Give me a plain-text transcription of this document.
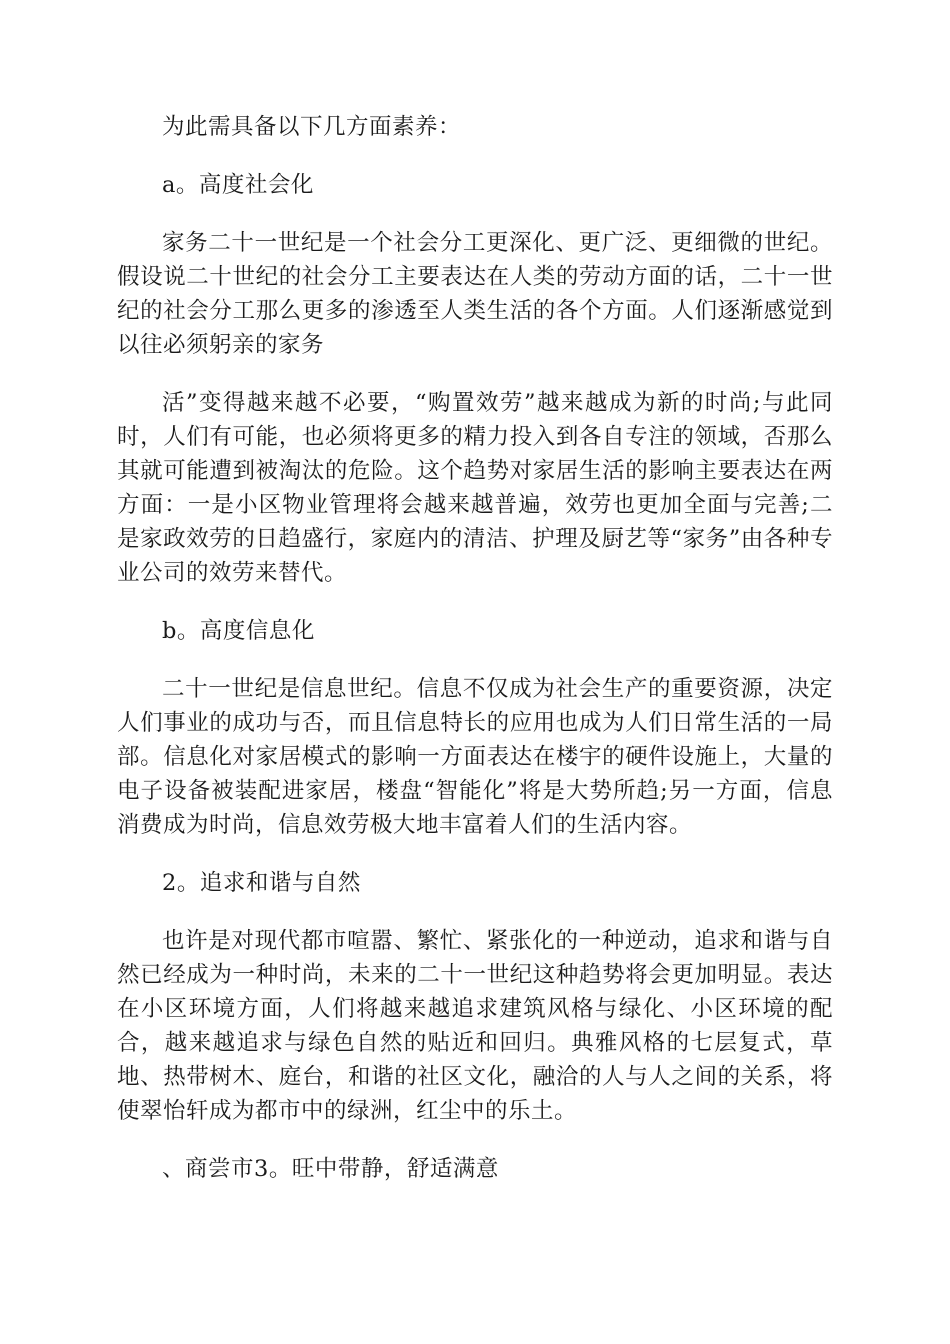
为此需具备以下几方面素养：

a。高度社会化

家务二十一世纪是一个社会分工更深化、更广泛、更细微的世纪。假设说二十世纪的社会分工主要表达在人类的劳动方面的话，二十一世纪的社会分工那么更多的渗透至人类生活的各个方面。人们逐渐感觉到以往必须躬亲的家务

活”变得越来越不必要，“购置效劳”越来越成为新的时尚;与此同时，人们有可能，也必须将更多的精力投入到各自专注的领域，否那么其就可能遭到被淘汰的危险。这个趋势对家居生活的影响主要表达在两方面：一是小区物业管理将会越来越普遍，效劳也更加全面与完善;二是家政效劳的日趋盛行，家庭内的清洁、护理及厨艺等“家务”由各种专业公司的效劳来替代。

b。高度信息化

二十一世纪是信息世纪。信息不仅成为社会生产的重要资源，决定人们事业的成功与否，而且信息特长的应用也成为人们日常生活的一局部。信息化对家居模式的影响一方面表达在楼宇的硬件设施上，大量的电子设备被装配进家居，楼盘“智能化”将是大势所趋;另一方面，信息消费成为时尚，信息效劳极大地丰富着人们的生活内容。

2。追求和谐与自然

也许是对现代都市喧嚣、繁忙、紧张化的一种逆动，追求和谐与自然已经成为一种时尚，未来的二十一世纪这种趋势将会更加明显。表达在小区环境方面，人们将越来越追求建筑风格与绿化、小区环境的配合，越来越追求与绿色自然的贴近和回归。典雅风格的七层复式，草地、热带树木、庭台，和谐的社区文化，融洽的人与人之间的关系，将使翠怡轩成为都市中的绿洲，红尘中的乐土。

、商尝市3。旺中带静，舒适满意
